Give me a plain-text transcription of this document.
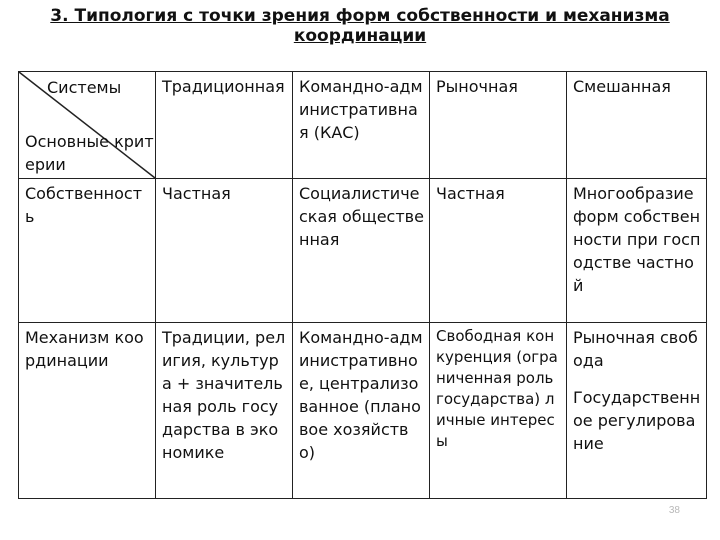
3. Типология с точки зрения форм собственности и механизма
координации
Системы
Основные критерии	Традиционная	Командно-административная (КАС)	Рыночная	Смешанная
Собственность	Частная	Социалистическая общественная	Частная	Многообразие форм собственности при господстве частной
Механизм координации	Традиции, религия, культура + значительная роль государства в экономике	Командно-административное, централизованное (плановое хозяйство)	Свободная конкуренция (ограниченная роль государства) личные интересы	Рыночная свобода
Государственное регулирование
38
